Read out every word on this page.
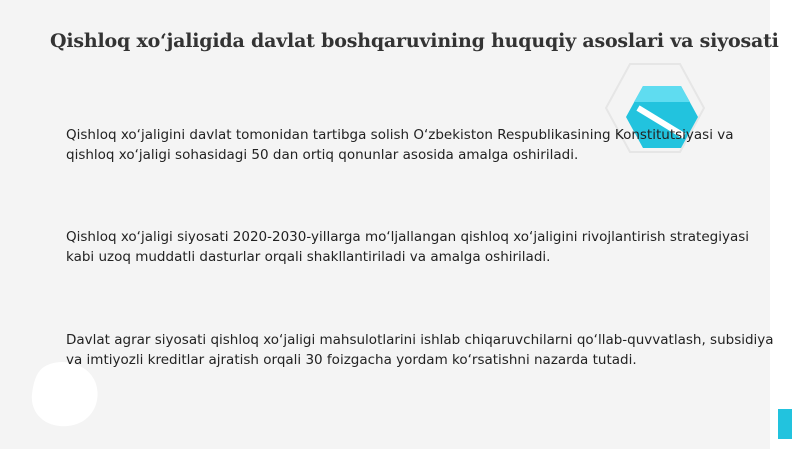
Qishloq xo‘jaligida davlat boshqaruvining huquqiy asoslari va siyosati
Qishloq xo‘jaligini davlat tomonidan tartibga solish O‘zbekiston Respublikasining Konstitutsiyasi va qishloq xo‘jaligi sohasidagi 50 dan ortiq qonunlar asosida amalga oshiriladi.
Qishloq xo‘jaligi siyosati 2020-2030-yillarga mo‘ljallangan qishloq xo‘jaligini rivojlantirish strategiyasi kabi uzoq muddatli dasturlar orqali shakllantiriladi va amalga oshiriladi.
Davlat agrar siyosati qishloq xo‘jaligi mahsulotlarini ishlab chiqaruvchilarni qo‘llab-quvvatlash, subsidiya va imtiyozli kreditlar ajratish orqali 30 foizgacha yordam ko‘rsatishni nazarda tutadi.
